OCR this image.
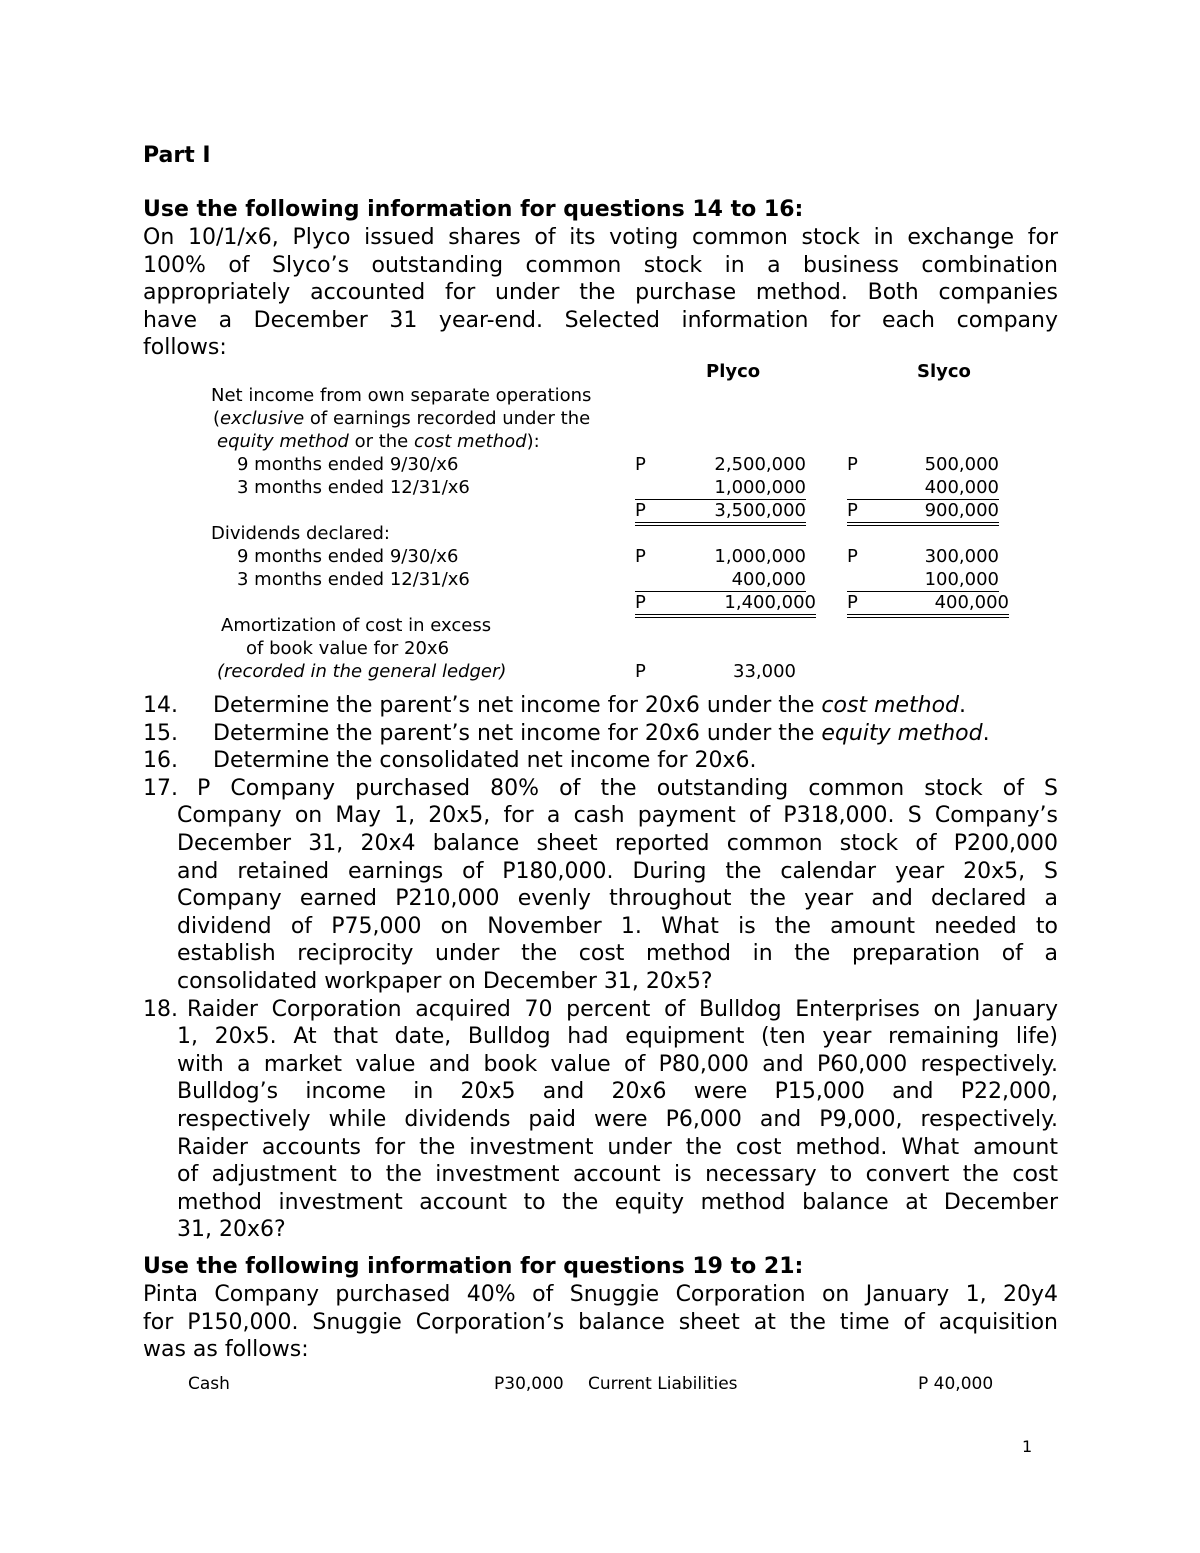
Part I
Use the following information for questions 14 to 16:
On 10/1/x6, Plyco issued shares of its voting common stock in exchange for
100% of Slyco’s outstanding common stock in a business combination
appropriately accounted for under the purchase method. Both companies
have a December 31 year-end. Selected information for each company
follows:
Plyco	Slyco
Net income from own separate operations
(exclusive of earnings recorded under the
equity method or the cost method):
9 months ended 9/30/x6	P	2,500,000 P	500,000
3 months ended 12/31/x6	1,000,000	400,000
P	3,500,000 P	900,000
Dividends declared:
9 months ended 9/30/x6	P	1,000,000 P	300,000
3 months ended 12/31/x6	400,000	100,000
P	1,400,000 P	400,000
Amortization of cost in excess
of book value for 20x6
(recorded in the general ledger)	P	33,000
14. Determine the parent’s net income for 20x6 under the cost method.
15. Determine the parent’s net income for 20x6 under the equity method.
16. Determine the consolidated net income for 20x6.
17. P Company purchased 80% of the outstanding common stock of S
Company on May 1, 20x5, for a cash payment of P318,000. S Company’s
December 31, 20x4 balance sheet reported common stock of P200,000
and retained earnings of P180,000. During the calendar year 20x5, S
Company earned P210,000 evenly throughout the year and declared a
dividend of P75,000 on November 1. What is the amount needed to
establish reciprocity under the cost method in the preparation of a
consolidated workpaper on December 31, 20x5?
18. Raider Corporation acquired 70 percent of Bulldog Enterprises on January
1, 20x5. At that date, Bulldog had equipment (ten year remaining life)
with a market value and book value of P80,000 and P60,000 respectively.
Bulldog’s income in 20x5 and 20x6 were P15,000 and P22,000,
respectively while dividends paid were P6,000 and P9,000, respectively.
Raider accounts for the investment under the cost method. What amount
of adjustment to the investment account is necessary to convert the cost
method investment account to the equity method balance at December
31, 20x6?
Use the following information for questions 19 to 21:
Pinta Company purchased 40% of Snuggie Corporation on January 1, 20y4
for P150,000. Snuggie Corporation’s balance sheet at the time of acquisition
was as follows:
Cash	P30,000 Current Liabilities	P 40,000
1
